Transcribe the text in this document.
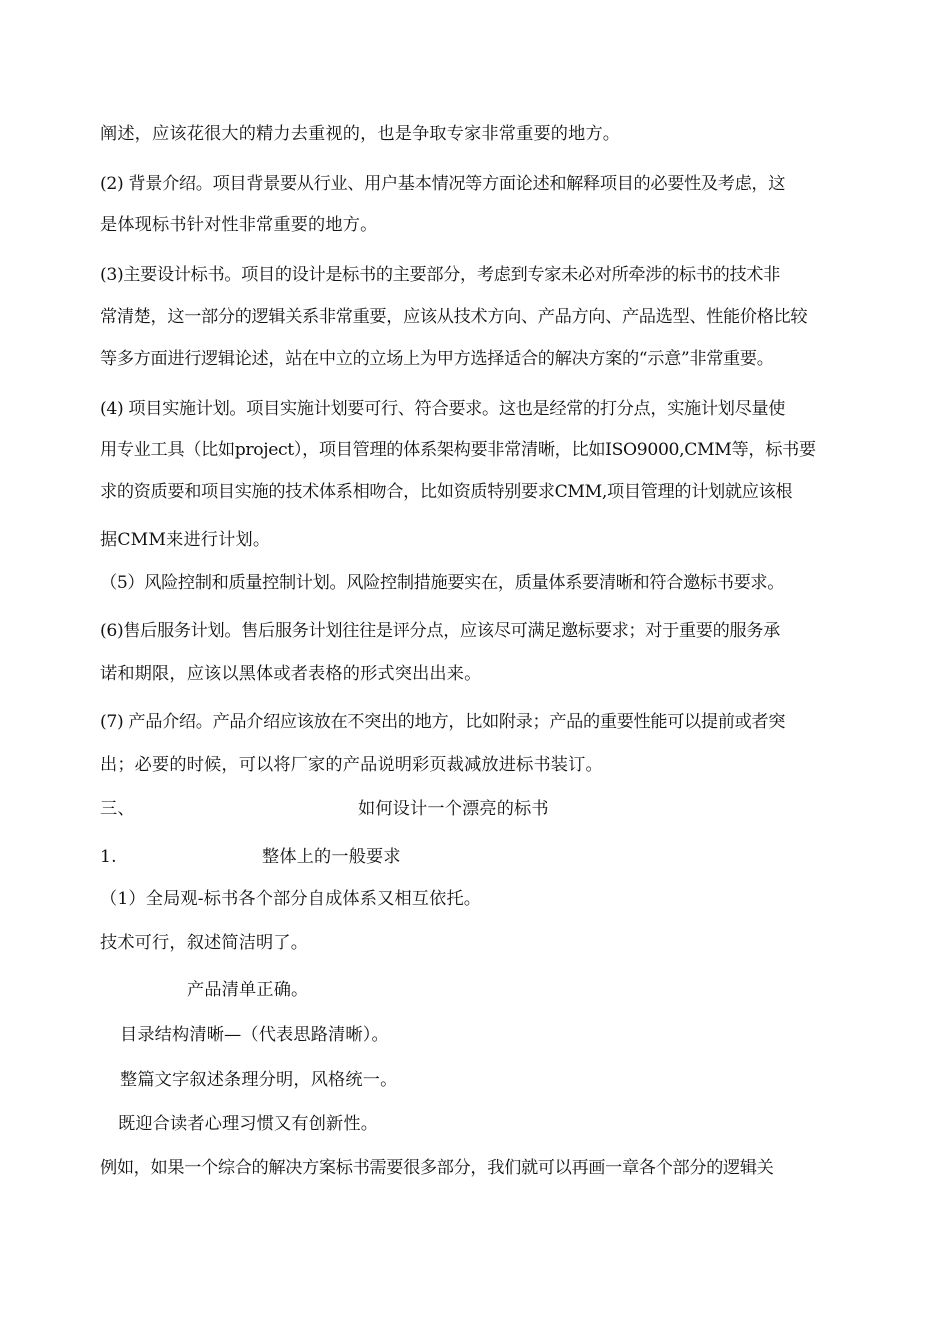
阐述，应该花很大的精力去重视的，也是争取专家非常重要的地方。
(2) 背景介绍。项目背景要从行业、用户基本情况等方面论述和解释项目的必要性及考虑，这
是体现标书针对性非常重要的地方。
(3)主要设计标书。项目的设计是标书的主要部分，考虑到专家未必对所牵涉的标书的技术非
常清楚，这一部分的逻辑关系非常重要，应该从技术方向、产品方向、产品选型、性能价格比较
等多方面进行逻辑论述，站在中立的立场上为甲方选择适合的解决方案的“示意”非常重要。
(4) 项目实施计划。项目实施计划要可行、符合要求。这也是经常的打分点，实施计划尽量使
用专业工具（比如project），项目管理的体系架构要非常清晰，比如ISO9000,CMM等，标书要
求的资质要和项目实施的技术体系相吻合，比如资质特别要求CMM,项目管理的计划就应该根
据CMM来进行计划。
（5）风险控制和质量控制计划。风险控制措施要实在，质量体系要清晰和符合邀标书要求。
(6)售后服务计划。售后服务计划往往是评分点，应该尽可满足邀标要求；对于重要的服务承
诺和期限，应该以黑体或者表格的形式突出出来。
(7) 产品介绍。产品介绍应该放在不突出的地方，比如附录；产品的重要性能可以提前或者突
出；必要的时候，可以将厂家的产品说明彩页裁减放进标书装订。
三、	如何设计一个漂亮的标书
1.	整体上的一般要求
（1）全局观-标书各个部分自成体系又相互依托。
技术可行，叙述简洁明了。
产品清单正确。
目录结构清晰—（代表思路清晰）。
整篇文字叙述条理分明，风格统一。
既迎合读者心理习惯又有创新性。
例如，如果一个综合的解决方案标书需要很多部分，我们就可以再画一章各个部分的逻辑关
